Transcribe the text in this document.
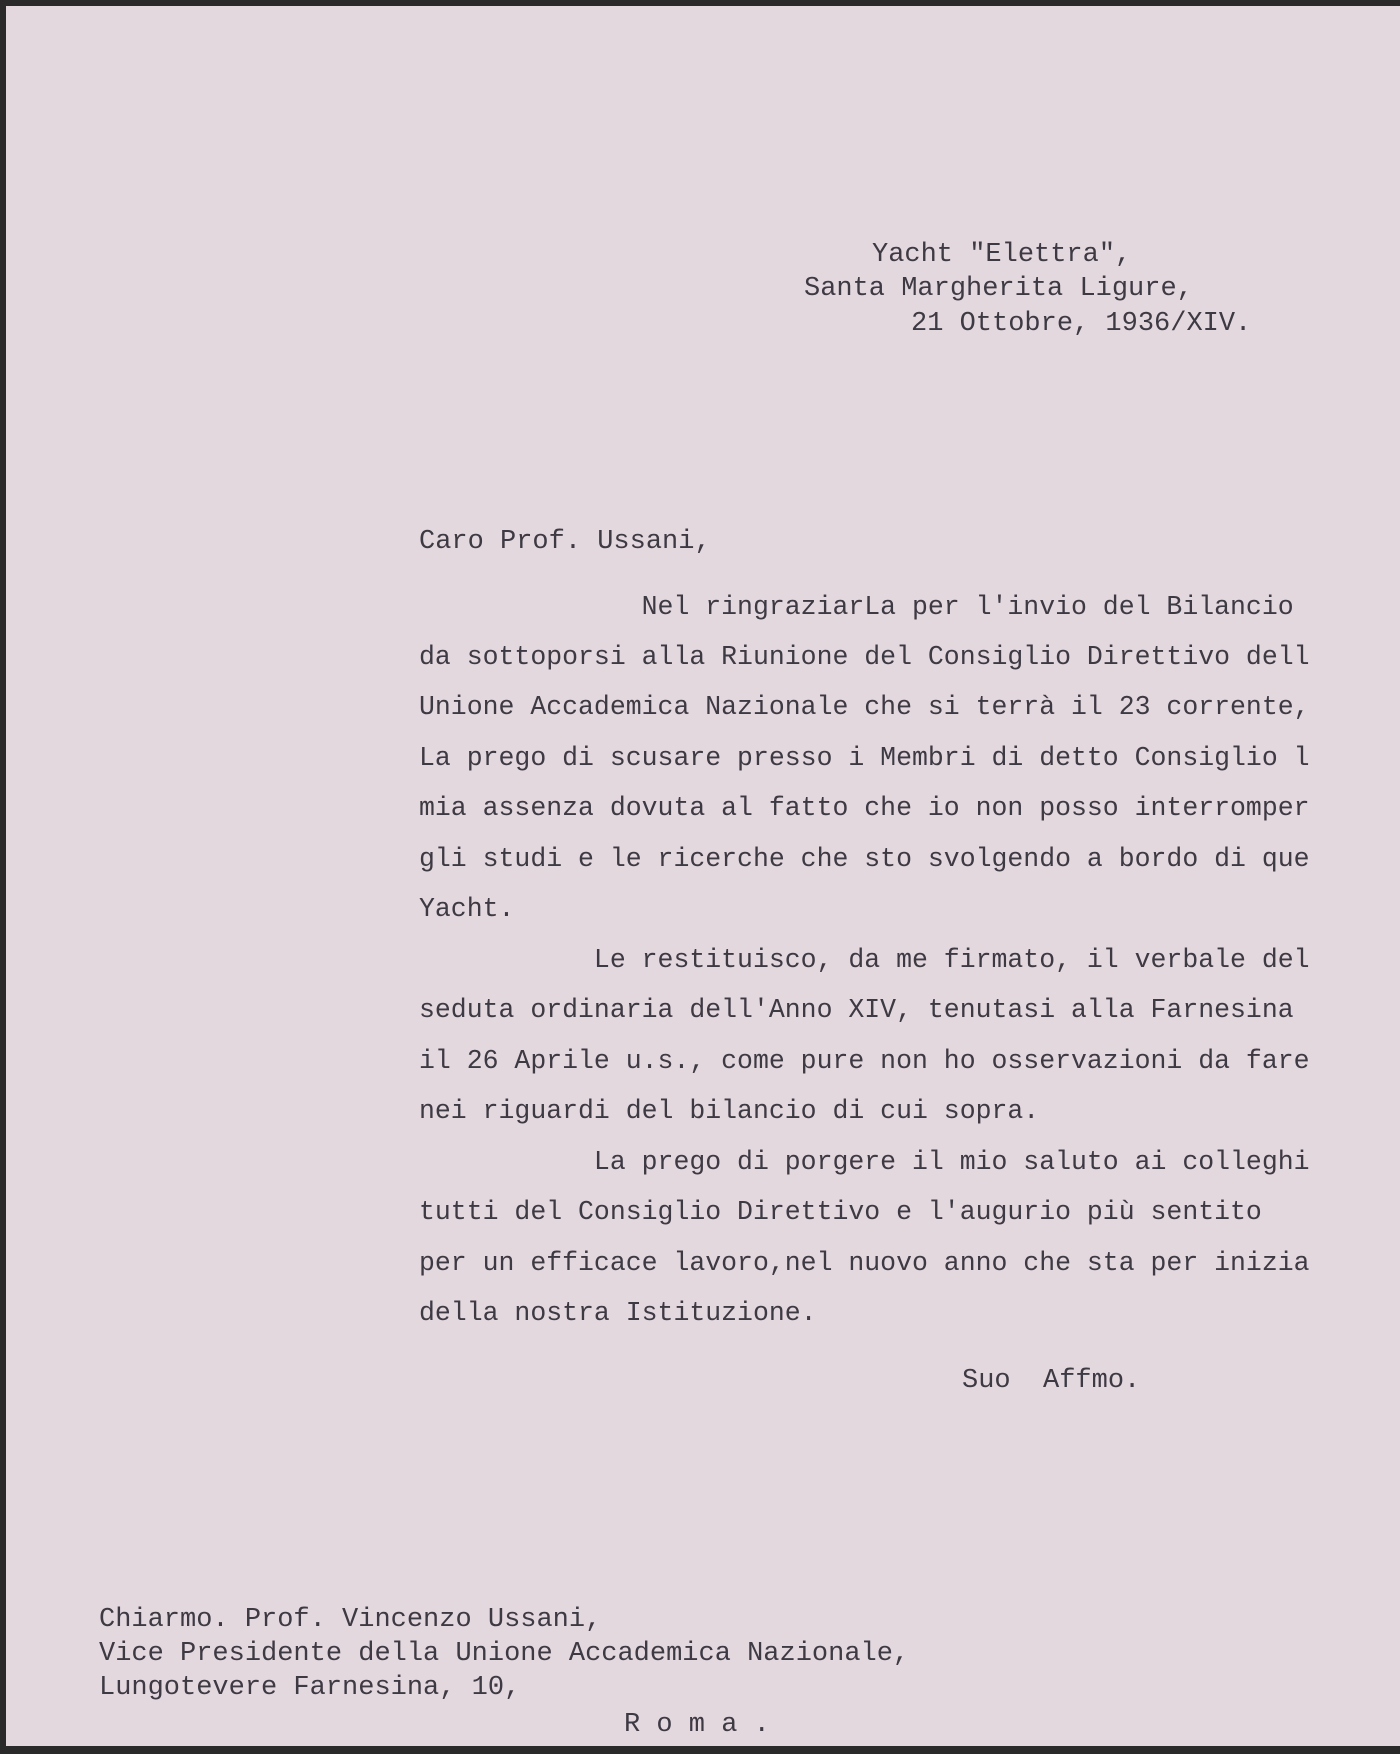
Yacht "Elettra",
Santa Margherita Ligure,
21 Ottobre, 1936/XIV.
Caro Prof. Ussani,
Nel ringraziarLa per l'invio del Bilancio
da sottoporsi alla Riunione del Consiglio Direttivo dell
Unione Accademica Nazionale che si terrà il 23 corrente,
La prego di scusare presso i Membri di detto Consiglio l
mia assenza dovuta al fatto che io non posso interromper
gli studi e le ricerche che sto svolgendo a bordo di que
Yacht.
Le restituisco, da me firmato, il verbale del
seduta ordinaria dell'Anno XIV, tenutasi alla Farnesina
il 26 Aprile u.s., come pure non ho osservazioni da fare
nei riguardi del bilancio di cui sopra.
La prego di porgere il mio saluto ai colleghi
tutti del Consiglio Direttivo e l'augurio più sentito
per un efficace lavoro,nel nuovo anno che sta per inizia
della nostra Istituzione.
Suo  Affmo.
Chiarmo. Prof. Vincenzo Ussani,
Vice Presidente della Unione Accademica Nazionale,
Lungotevere Farnesina, 10,
R o m a .
